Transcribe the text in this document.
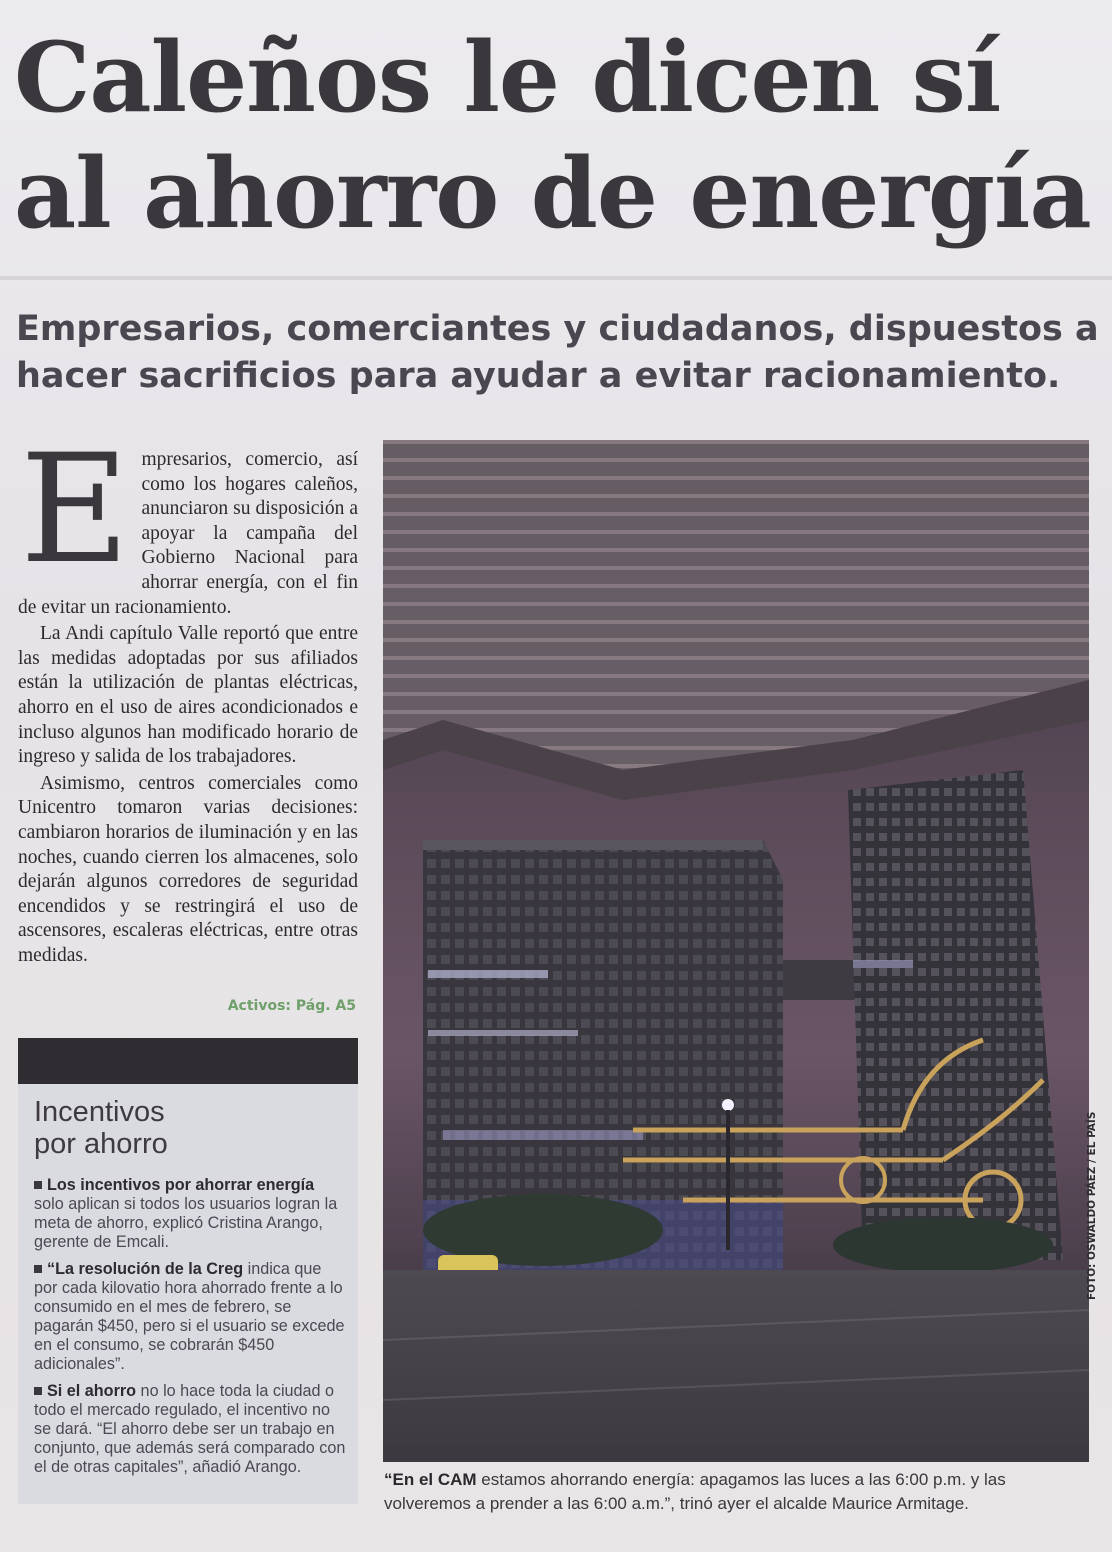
Caleños le dicen sí
al ahorro de energía
Empresarios, comerciantes y ciudadanos, dispuestos a hacer sacrificios para ayudar a evitar racionamiento.
E mpresarios, comercio, así como los hogares caleños, anunciaron su disposición a apoyar la campaña del Gobierno Nacional para ahorrar energía, con el fin de evitar un racionamiento.

La Andi capítulo Valle reportó que entre las medidas adoptadas por sus afiliados están la utilización de plantas eléctricas, ahorro en el uso de aires acondicionados e incluso algunos han modificado horario de ingreso y salida de los trabajadores.

Asimismo, centros comerciales como Unicentro tomaron varias decisiones: cambiaron horarios de iluminación y en las noches, cuando cierren los almacenes, solo dejarán algunos corredores de seguridad encendidos y se restringirá el uso de ascensores, escaleras eléctricas, entre otras medidas.

Activos: Pág. A5
Incentivos
por ahorro
Los incentivos por ahorrar energía solo aplican si todos los usuarios logran la meta de ahorro, explicó Cristina Arango, gerente de Emcali.
“La resolución de la Creg indica que por cada kilovatio hora ahorrado frente a lo consumido en el mes de febrero, se pagarán $450, pero si el usuario se excede en el consumo, se cobrarán $450 adicionales”.
Si el ahorro no lo hace toda la ciudad o todo el mercado regulado, el incentivo no se dará. “El ahorro debe ser un trabajo en conjunto, que además será comparado con el de otras capitales”, añadió Arango.
FOTO: OSWALDO PÁEZ / EL PAÍS
“En el CAM estamos ahorrando energía: apagamos las luces a las 6:00 p.m. y las volveremos a prender a las 6:00 a.m.”, trinó ayer el alcalde Maurice Armitage.
